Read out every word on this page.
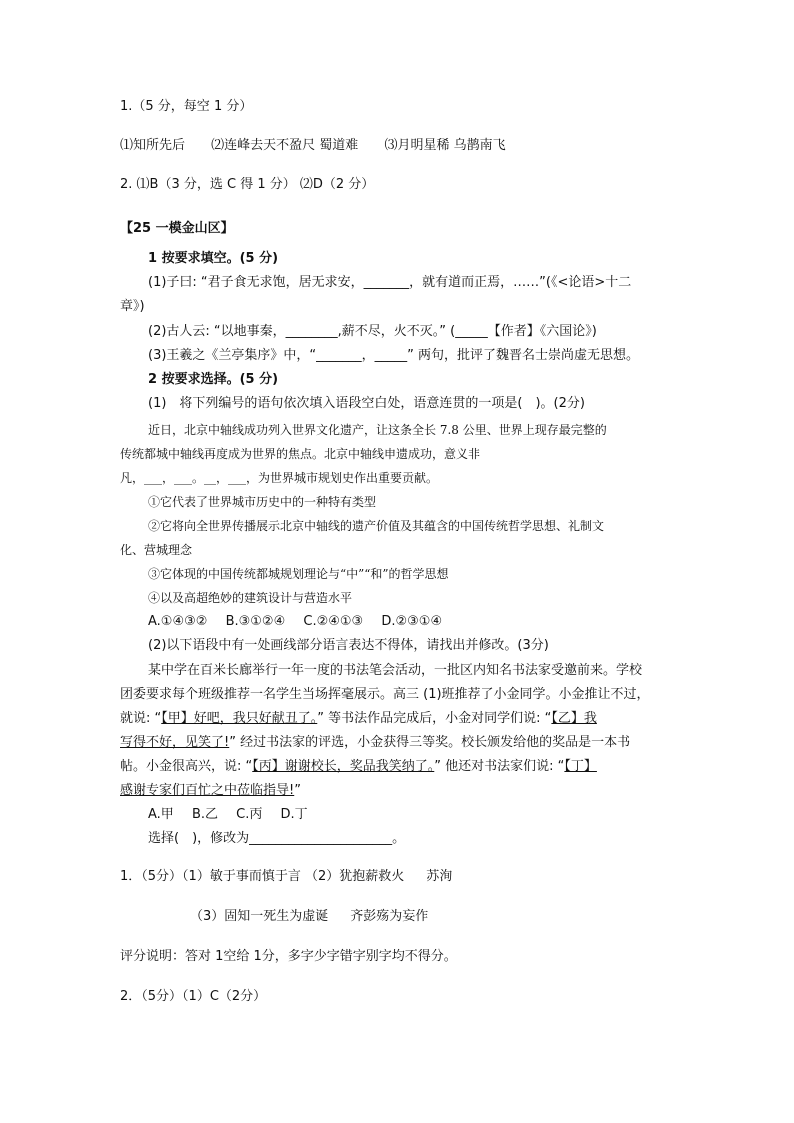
1.（5 分，每空 1 分）
⑴知所先后 ⑵连峰去天不盈尺 蜀道难 ⑶月明星稀 乌鹊南飞
2. ⑴B（3 分，选 C 得 1 分） ⑵D（2 分）
【25 一模金山区】
1 按要求填空。(5 分)
(1)子曰: “君子食无求饱，居无求安，_______，就有道而正焉，……”(《<论语>十二
章》)
(2)古人云: “以地事秦，________,薪不尽，火不灭。” (_____【作者】《六国论》)
(3)王羲之《兰亭集序》中，“_______，_____” 两句，批评了魏晋名士崇尚虚无思想。
2 按要求选择。(5 分)
(1)　将下列编号的语句依次填入语段空白处，语意连贯的一项是(　)。(2分)
近日，北京中轴线成功列入世界文化遗产，让这条全长 7.8 公里、世界上现存最完整的
传统都城中轴线再度成为世界的焦点。北京中轴线申遗成功，意义非
凡，___，___。__，___，为世界城市规划史作出重要贡献。
①它代表了世界城市历史中的一种特有类型
②它将向全世界传播展示北京中轴线的遗产价值及其蕴含的中国传统哲学思想、礼制文
化、营城理念
③它体现的中国传统都城规划理论与“中”“和”的哲学思想
④以及高超绝妙的建筑设计与营造水平
A.①④③② B.③①②④ C.②④①③ D.②③①④
(2)以下语段中有一处画线部分语言表达不得体，请找出并修改。(3分)
某中学在百米长廊举行一年一度的书法笔会活动，一批区内知名书法家受邀前来。学校
团委要求每个班级推荐一名学生当场挥毫展示。高三 (1)班推荐了小金同学。小金推让不过，
就说: “【甲】好吧，我只好献丑了。” 等书法作品完成后，小金对同学们说: “【乙】我
写得不好，见笑了!” 经过书法家的评选，小金获得三等奖。校长颁发给他的奖品是一本书
帖。小金很高兴，说: “【丙】谢谢校长，奖品我笑纳了。” 他还对书法家们说: “【丁】
感谢专家们百忙之中莅临指导!”
A.甲 B.乙 C.丙 D.丁
选择(　)，修改为______________________。
1．（5分）（1）敏于事而慎于言 （2）犹抱薪救火 苏洵
（3）固知一死生为虚诞 齐彭殇为妄作
评分说明：答对 1空给 1分，多字少字错字别字均不得分。
2．（5分）（1）C（2分）
